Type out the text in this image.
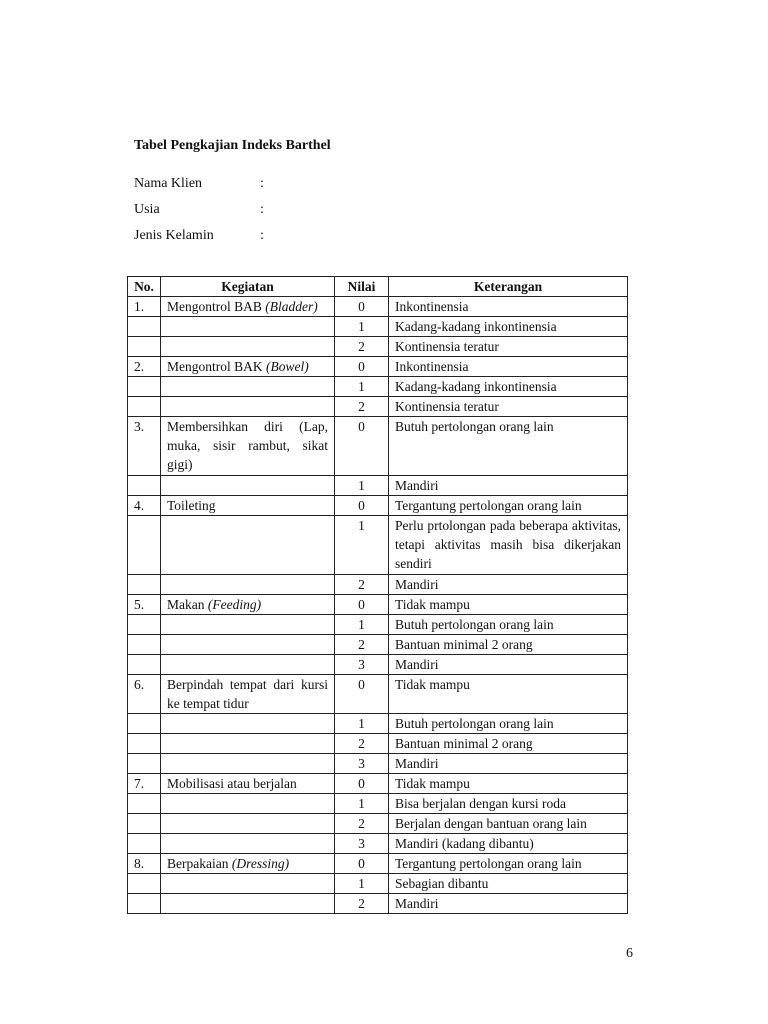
Tabel Pengkajian Indeks Barthel
Nama Klien	:
Usia	:
Jenis Kelamin	:
No.	Kegiatan	Nilai	Keterangan
1.	Mengontrol BAB (Bladder)	0	Inkontinensia
		1	Kadang-kadang inkontinensia
		2	Kontinensia teratur
2.	Mengontrol BAK (Bowel)	0	Inkontinensia
		1	Kadang-kadang inkontinensia
		2	Kontinensia teratur
3.	Membersihkan diri (Lap, muka, sisir rambut, sikat gigi)	0	Butuh pertolongan orang lain
		1	Mandiri
4.	Toileting	0	Tergantung pertolongan orang lain
		1	Perlu prtolongan pada beberapa aktivitas, tetapi aktivitas masih bisa dikerjakan sendiri
		2	Mandiri
5.	Makan (Feeding)	0	Tidak mampu
		1	Butuh pertolongan orang lain
		2	Bantuan minimal 2 orang
		3	Mandiri
6.	Berpindah tempat dari kursi ke tempat tidur	0	Tidak mampu
		1	Butuh pertolongan orang lain
		2	Bantuan minimal 2 orang
		3	Mandiri
7.	Mobilisasi atau berjalan	0	Tidak mampu
		1	Bisa berjalan dengan kursi roda
		2	Berjalan dengan bantuan orang lain
		3	Mandiri (kadang dibantu)
8.	Berpakaian (Dressing)	0	Tergantung pertolongan orang lain
		1	Sebagian dibantu
		2	Mandiri
6
